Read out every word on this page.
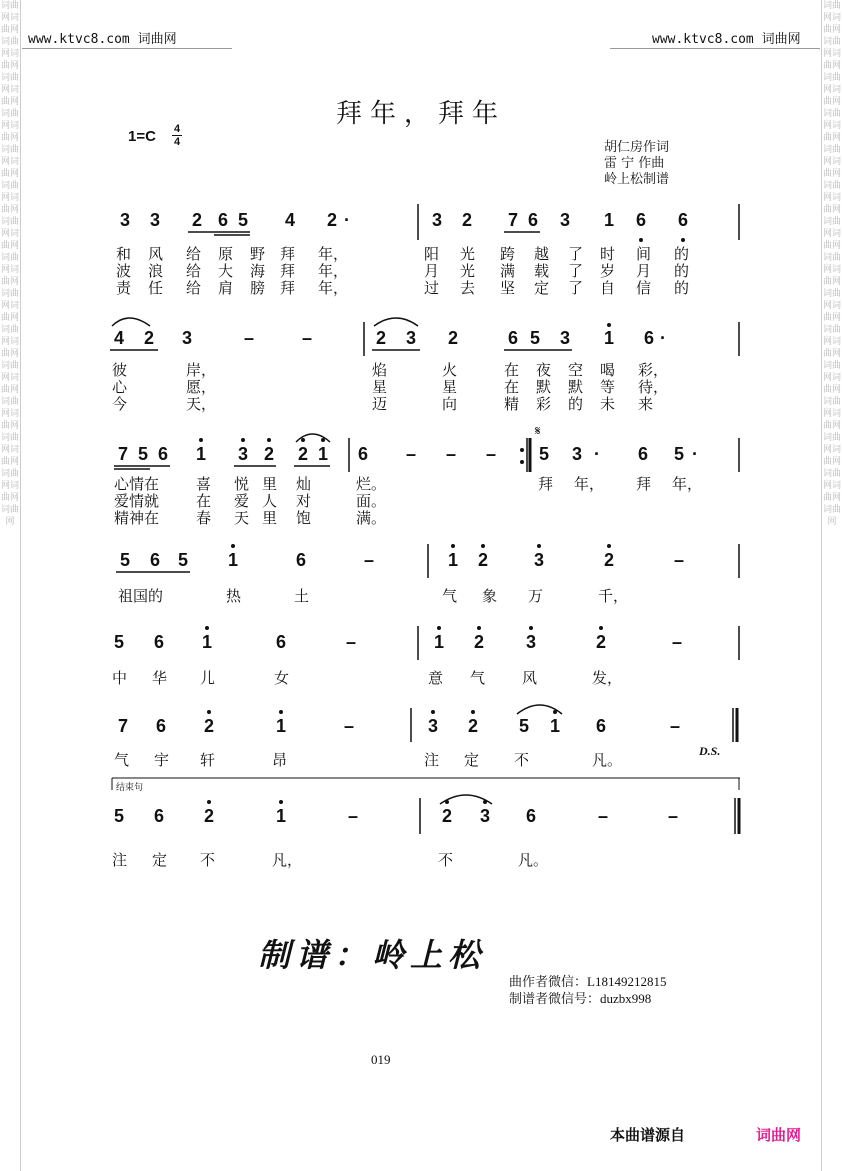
词曲网词曲网词曲网词曲网词曲网词曲网词曲网词曲网词曲网词曲网词曲网词曲网词曲网词曲网词曲网词曲网词曲网词曲网词曲网词曲网词曲网词曲网词曲网词曲网词曲网词曲网词曲网词曲网词曲网
词曲网词曲网词曲网词曲网词曲网词曲网词曲网词曲网词曲网词曲网词曲网词曲网词曲网词曲网词曲网词曲网词曲网词曲网词曲网词曲网词曲网词曲网词曲网词曲网词曲网词曲网词曲网词曲网词曲网
www.ktvc8.com 词曲网	www.ktvc8.com 词曲网
拜年，拜年
1=C 4
4	胡仁房作词
雷 宁 作曲
岭上松制谱
3 3 2 6 5 4 2 ·	3 2 7 6 3 1 6 6
4 2 3	–	–	2 3 2	6 5 3 1 6 ·
7 5 6 1 3 2 2 1 6 – – – 5 3 · 6 5 ·
5 6 5 1	6	–	1 2	3	2	–
5 6 1	6	–	1 2 3	2	–
7 6 2	1	–	3 2 5 1 6	–
5 6 2	1	–	2 3 6	–	–
和 风 给 原 野 拜 年，	阳 光 跨 越 了 时 间 的
波 浪 给 大 海 拜 年，	月 光 满 载 了 岁 月 的
责 任 给 肩 膀 拜 年，	过 去 坚 定 了 自 信 的
彼	岸，	焰	火	在 夜 空 喝 彩，
心	愿，	星	星	在 默 默 等 待，
今	天，	迈	向	精 彩 的 未 来
心情在 喜 悦 里 灿	烂。	拜 年， 拜 年，
爱情就 在 爱 人 对	面。
精神在 春 天 里 饱	满。
祖国的	热	土	气 象 万	千，
中 华 儿	女	意 气 风	发，
气 宇 轩	昂	注 定 不	凡。
注 定 不	凡，	不	凡。
𝄋
D.S.
结束句
制谱：岭上松
曲作者微信：L18149212815
制谱者微信号：duzbx998
019
本曲谱源自	词曲网
